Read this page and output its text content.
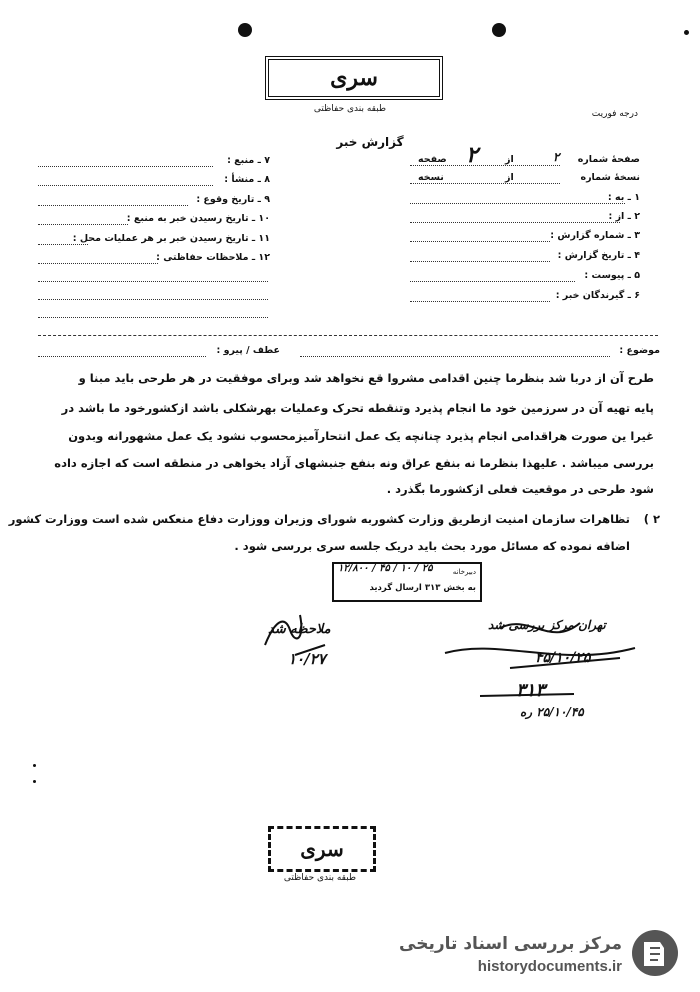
سری
طبقه بندی حفاظتی	درجه فوریت
گزارش خبر
صفحهٔ شماره
نسخهٔ شماره
۱ ـ به :
۲ ـ از :
۳ ـ شماره گزارش :
۴ ـ تاریخ گزارش :
۵ ـ پیوست :
۶ ـ گیرندگان خبر :
۲
از
۲
صفحه
از
نسخه
۷ ـ منبع :
۸ ـ منشأ :
۹ ـ تاریخ وقوع :
۱۰ ـ تاریخ رسیدن خبر به منبع :
۱۱ ـ تاریخ رسیدن خبر بر هر عملیات محل :
۱۲ ـ ملاحظات حفاظتی :
موضوع :
عطف / پیرو :
طرح آن از دربا شد بنظرما چنین اقدامی مشروا قع نخواهد شد وبرای موفقیت در هر طرحی باید مبنا و
پایه تهیه آن در سرزمین خود ما انجام پذیرد وتنقطه تحرک وعملیات بهرشکلی باشد ازکشورخود ما باشد در
غیرا ین صورت هراقدامی انجام پذیرد چنانچه یک عمل انتحارآمیزمحسوب نشود یک عمل مشهورانه وبدون
بررسی میباشد . علیهذا بنظرما نه بنفع عراق ونه بنفع جنبشهای آزاد یخواهی در منطقه است که اجازه داده
شود طرحی در موقعیت فعلی ازکشورما بگذرد .
۲ )
تظاهرات سازمان امنیت ازطریق وزارت کشوربه شورای وزیران ووزارت دفاع منعکس شده است ووزارت کشور
اضافه نموده که مسائل مورد بحث باید دریک جلسه سری بررسی شود .
۱۲/۸۰۰ / ۴۵ / ۱۰ / ۲۵	دبیرخانه
به بخش ۳۱۳ ارسال گردید
ملاحظه شد
۱۰/۲۷
تهران مرکز بررسی شد
۴۵/۱۰/۲۵
۳۱۳
۲۵/۱۰/۴۵ ره
سری
طبقه بندی حفاظتی
مرکز بررسی اسناد تاریخی
historydocuments.ir
